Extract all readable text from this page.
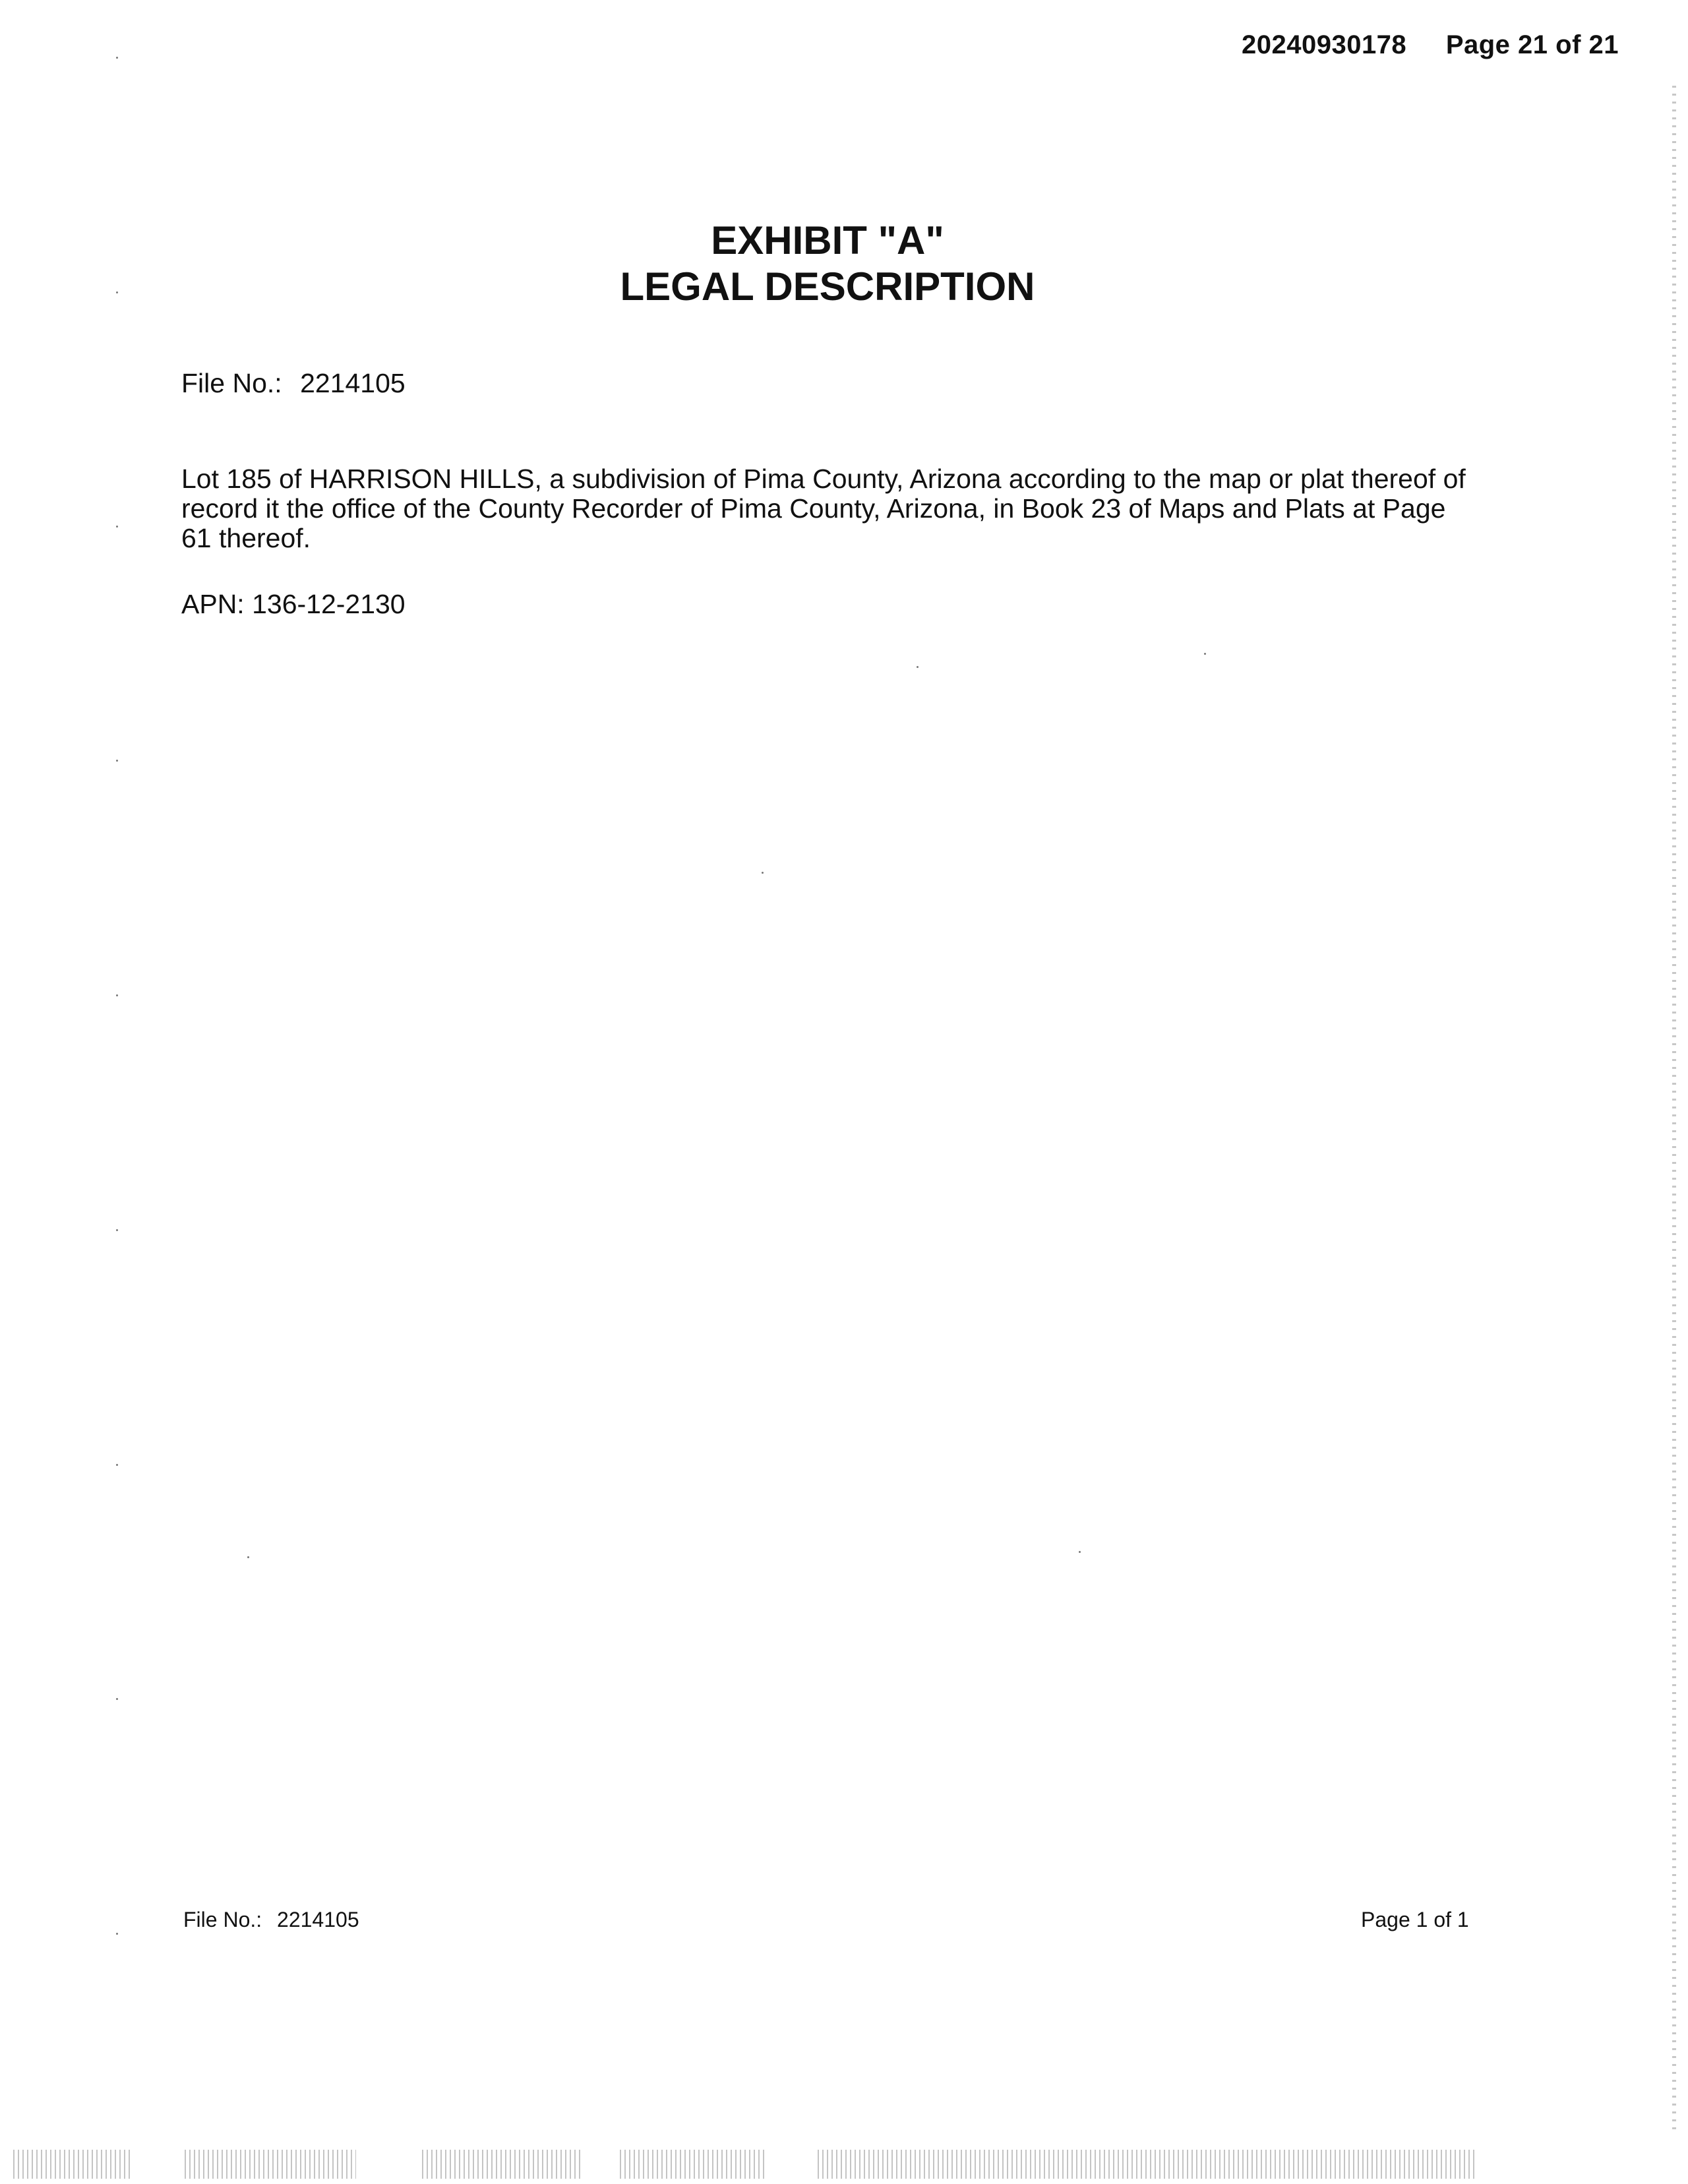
20240930178 Page 21 of 21
EXHIBIT "A"
LEGAL DESCRIPTION
File No.: 2214105
Lot 185 of HARRISON HILLS, a subdivision of Pima County, Arizona according to the map or plat thereof of record it the office of the County Recorder of Pima County, Arizona, in Book 23 of Maps and Plats at Page 61 thereof.
APN: 136-12-2130
File No.: 2214105	Page 1 of 1
